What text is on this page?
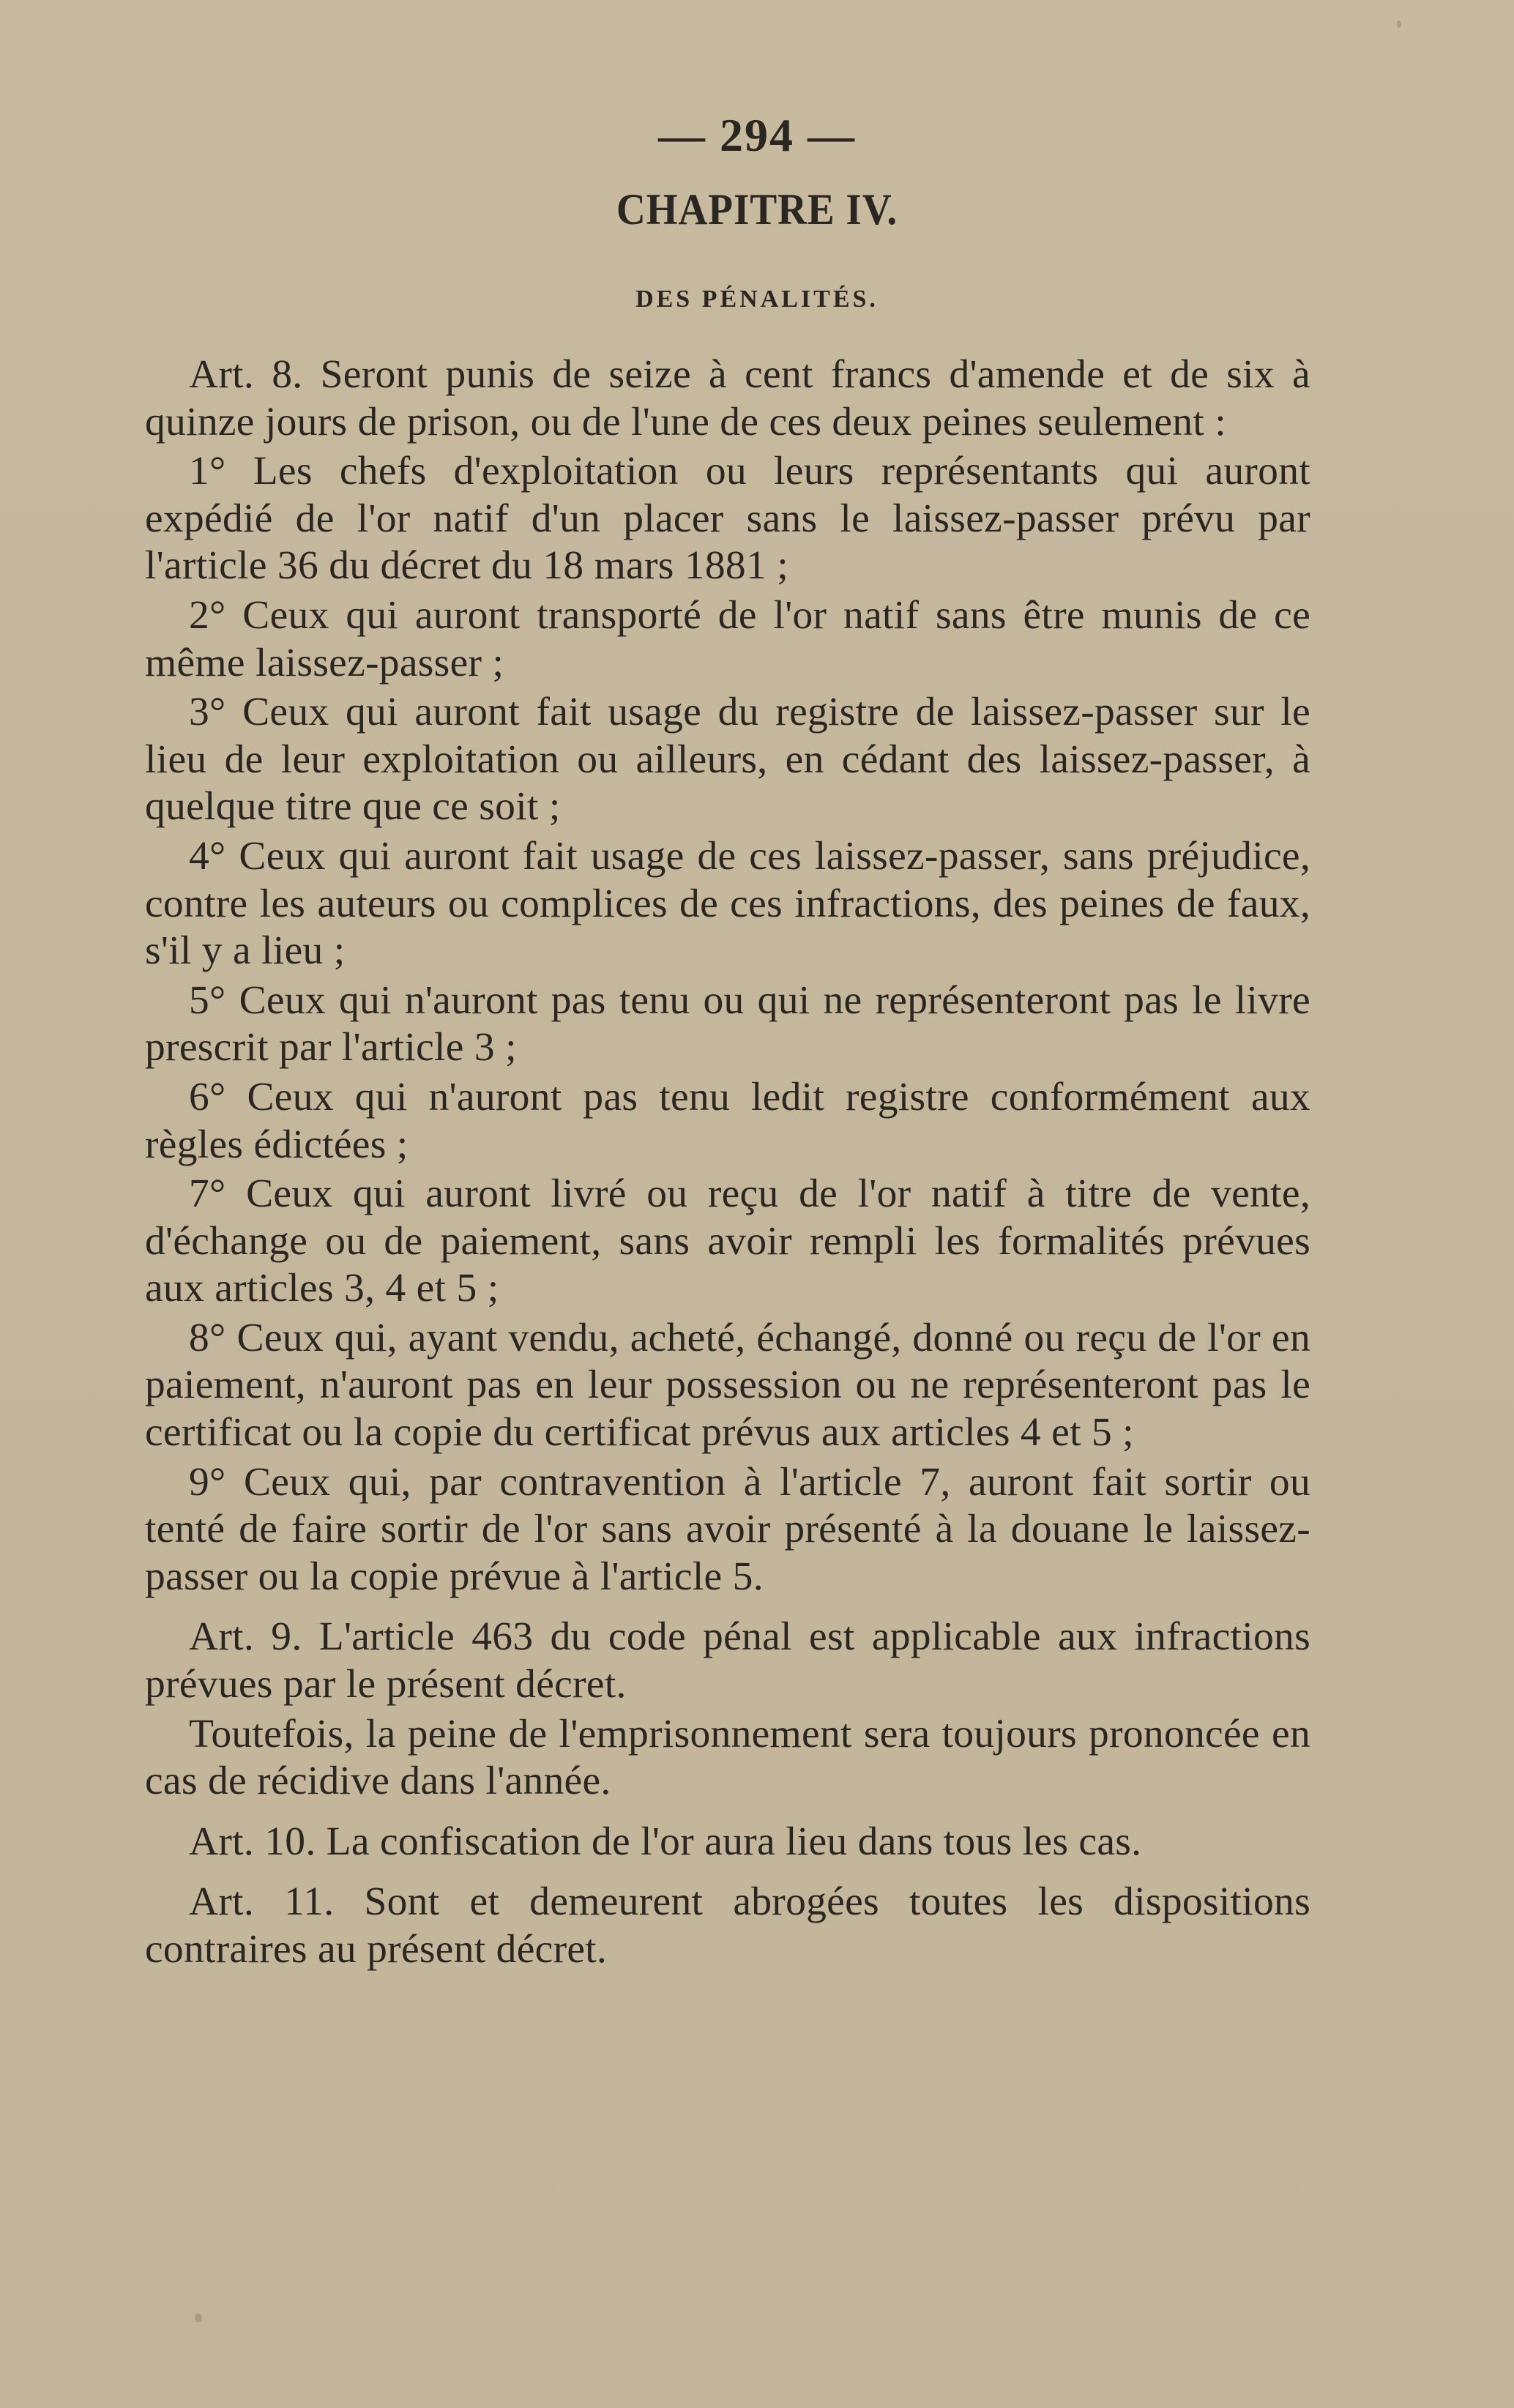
— 294 —
CHAPITRE IV.
DES PÉNALITÉS.

Art. 8. Seront punis de seize à cent francs d'amende et de six à quinze jours de prison, ou de l'une de ces deux peines seulement :

1° Les chefs d'exploitation ou leurs représentants qui auront expédié de l'or natif d'un placer sans le laissez-passer prévu par l'article 36 du décret du 18 mars 1881 ;

2° Ceux qui auront transporté de l'or natif sans être munis de ce même laissez-passer ;

3° Ceux qui auront fait usage du registre de laissez-passer sur le lieu de leur exploitation ou ailleurs, en cédant des laissez-passer, à quelque titre que ce soit ;

4° Ceux qui auront fait usage de ces laissez-passer, sans préjudice, contre les auteurs ou complices de ces infractions, des peines de faux, s'il y a lieu ;

5° Ceux qui n'auront pas tenu ou qui ne représenteront pas le livre prescrit par l'article 3 ;

6° Ceux qui n'auront pas tenu ledit registre conformément aux règles édictées ;

7° Ceux qui auront livré ou reçu de l'or natif à titre de vente, d'échange ou de paiement, sans avoir rempli les formalités prévues aux articles 3, 4 et 5 ;

8° Ceux qui, ayant vendu, acheté, échangé, donné ou reçu de l'or en paiement, n'auront pas en leur possession ou ne représenteront pas le certificat ou la copie du certificat prévus aux articles 4 et 5 ;

9° Ceux qui, par contravention à l'article 7, auront fait sortir ou tenté de faire sortir de l'or sans avoir présenté à la douane le laissez-passer ou la copie prévue à l'article 5.

Art. 9. L'article 463 du code pénal est applicable aux infractions prévues par le présent décret.

Toutefois, la peine de l'emprisonnement sera toujours prononcée en cas de récidive dans l'année.

Art. 10. La confiscation de l'or aura lieu dans tous les cas.

Art. 11. Sont et demeurent abrogées toutes les dispositions contraires au présent décret.
